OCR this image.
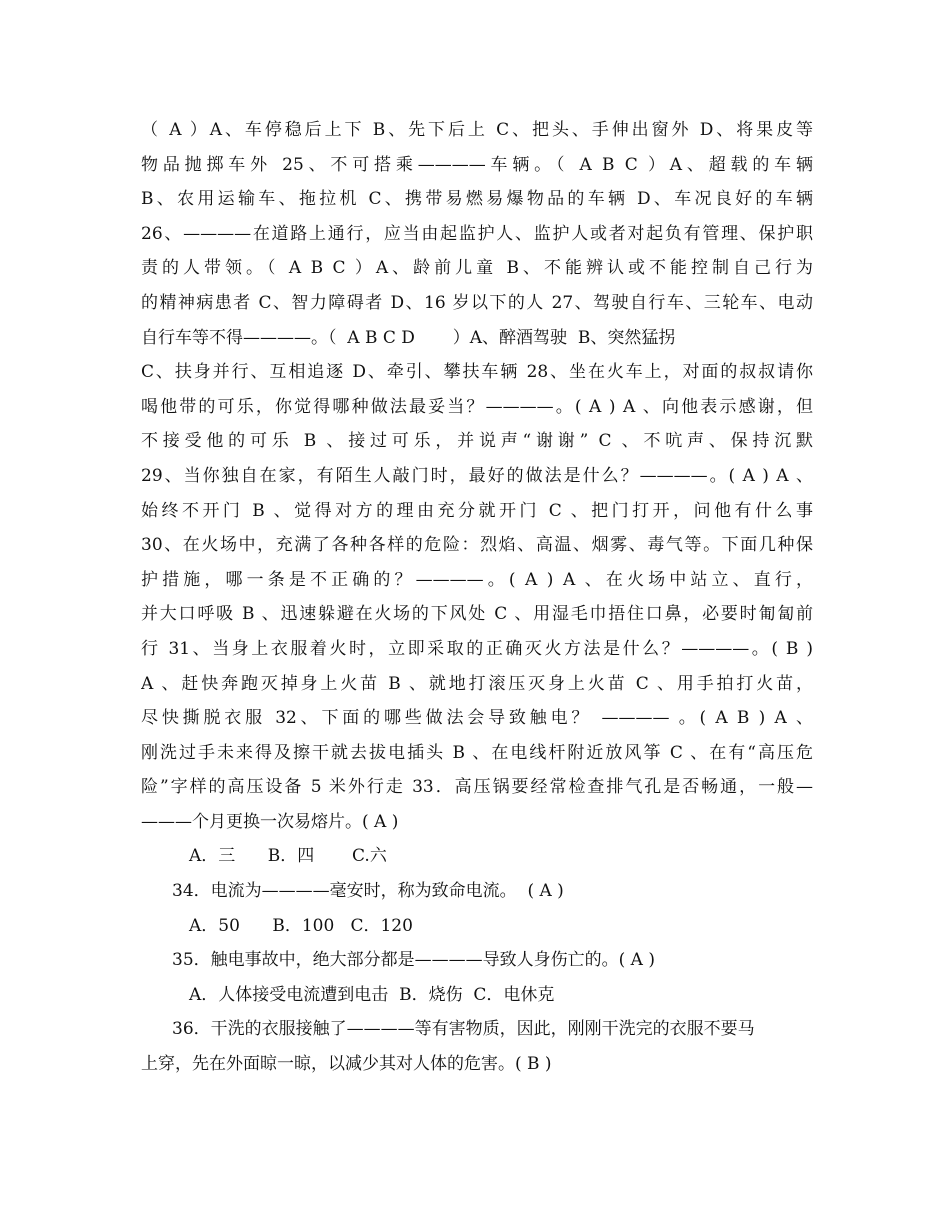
（ A ）A、车停稳后上下 B、先下后上 C、把头、手伸出窗外 D、将果皮等
物品抛掷车外 25、不可搭乘————车辆。（ A B C ）A、超载的车辆
B、农用运输车、拖拉机 C、携带易燃易爆物品的车辆 D、车况良好的车辆
26、————在道路上通行，应当由起监护人、监护人或者对起负有管理、保护职
责的人带领。（ A B C ）A、龄前儿童 B、不能辨认或不能控制自己行为
的精神病患者 C、智力障碍者 D、16 岁以下的人 27、驾驶自行车、三轮车、电动
自行车等不得————。（  A B C D       ）A、醉酒驾驶  B、突然猛拐
C、扶身并行、互相追逐 D、牵引、攀扶车辆 28、坐在火车上，对面的叔叔请你
喝他带的可乐，你觉得哪种做法最妥当？————。( A ) A 、向他表示感谢，但
不接受他的可乐 B 、接过可乐，并说声“谢谢” C 、不吭声、保持沉默
29、当你独自在家，有陌生人敲门时，最好的做法是什么？————。( A ) A 、
始终不开门 B 、觉得对方的理由充分就开门 C 、把门打开，问他有什么事
30、在火场中，充满了各种各样的危险：烈焰、高温、烟雾、毒气等。下面几种保
护措施，哪一条是不正确的？————。( A ) A 、在火场中站立、直行，
并大口呼吸 B 、迅速躲避在火场的下风处 C 、用湿毛巾捂住口鼻，必要时匍匐前
行 31、当身上衣服着火时，立即采取的正确灭火方法是什么？————。( B )
A 、赶快奔跑灭掉身上火苗 B 、就地打滚压灭身上火苗 C 、用手拍打火苗，
尽快撕脱衣服 32、下面的哪些做法会导致触电？ ———— 。( A B ) A 、
刚洗过手未来得及擦干就去拔电插头 B 、在电线杆附近放风筝 C 、在有“高压危
险”字样的高压设备 5 米外行走 33．高压锅要经常检查排气孔是否畅通，一般—
———个月更换一次易熔片。( A )
A．三      B．四       C.六
34．电流为————毫安时，称为致命电流。  ( A )
A．50      B．100   C．120
35．触电事故中，绝大部分都是————导致人身伤亡的。( A )
A．人体接受电流遭到电击  B．烧伤  C．电休克
36．干洗的衣服接触了————等有害物质，因此，刚刚干洗完的衣服不要马
上穿，先在外面晾一晾，以减少其对人体的危害。( B )
